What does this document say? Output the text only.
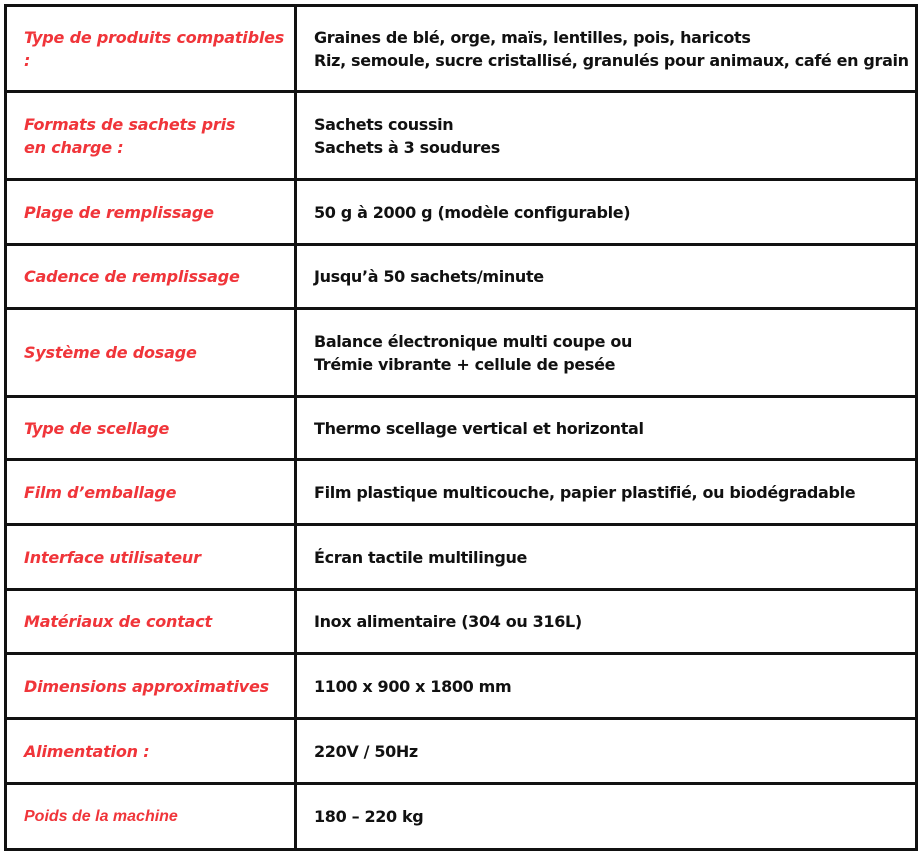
Type de produits compatibles :	Graines de blé, orge, maïs, lentilles, pois, haricots
Riz, semoule, sucre cristallisé, granulés pour animaux, café en grain

Formats de sachets pris en charge :	Sachets coussin
Sachets à 3 soudures

Plage de remplissage	50 g à 2000 g (modèle configurable)

Cadence de remplissage	Jusqu’à 50 sachets/minute

Système de dosage	Balance électronique multi coupe ou
Trémie vibrante + cellule de pesée

Type de scellage	Thermo scellage vertical et horizontal

Film d’emballage	Film plastique multicouche, papier plastifié, ou biodégradable

Interface utilisateur	Écran tactile multilingue

Matériaux de contact	Inox alimentaire (304 ou 316L)

Dimensions approximatives	1100 x 900 x 1800 mm

Alimentation :	220V / 50Hz

Poids de la machine	180 – 220 kg
